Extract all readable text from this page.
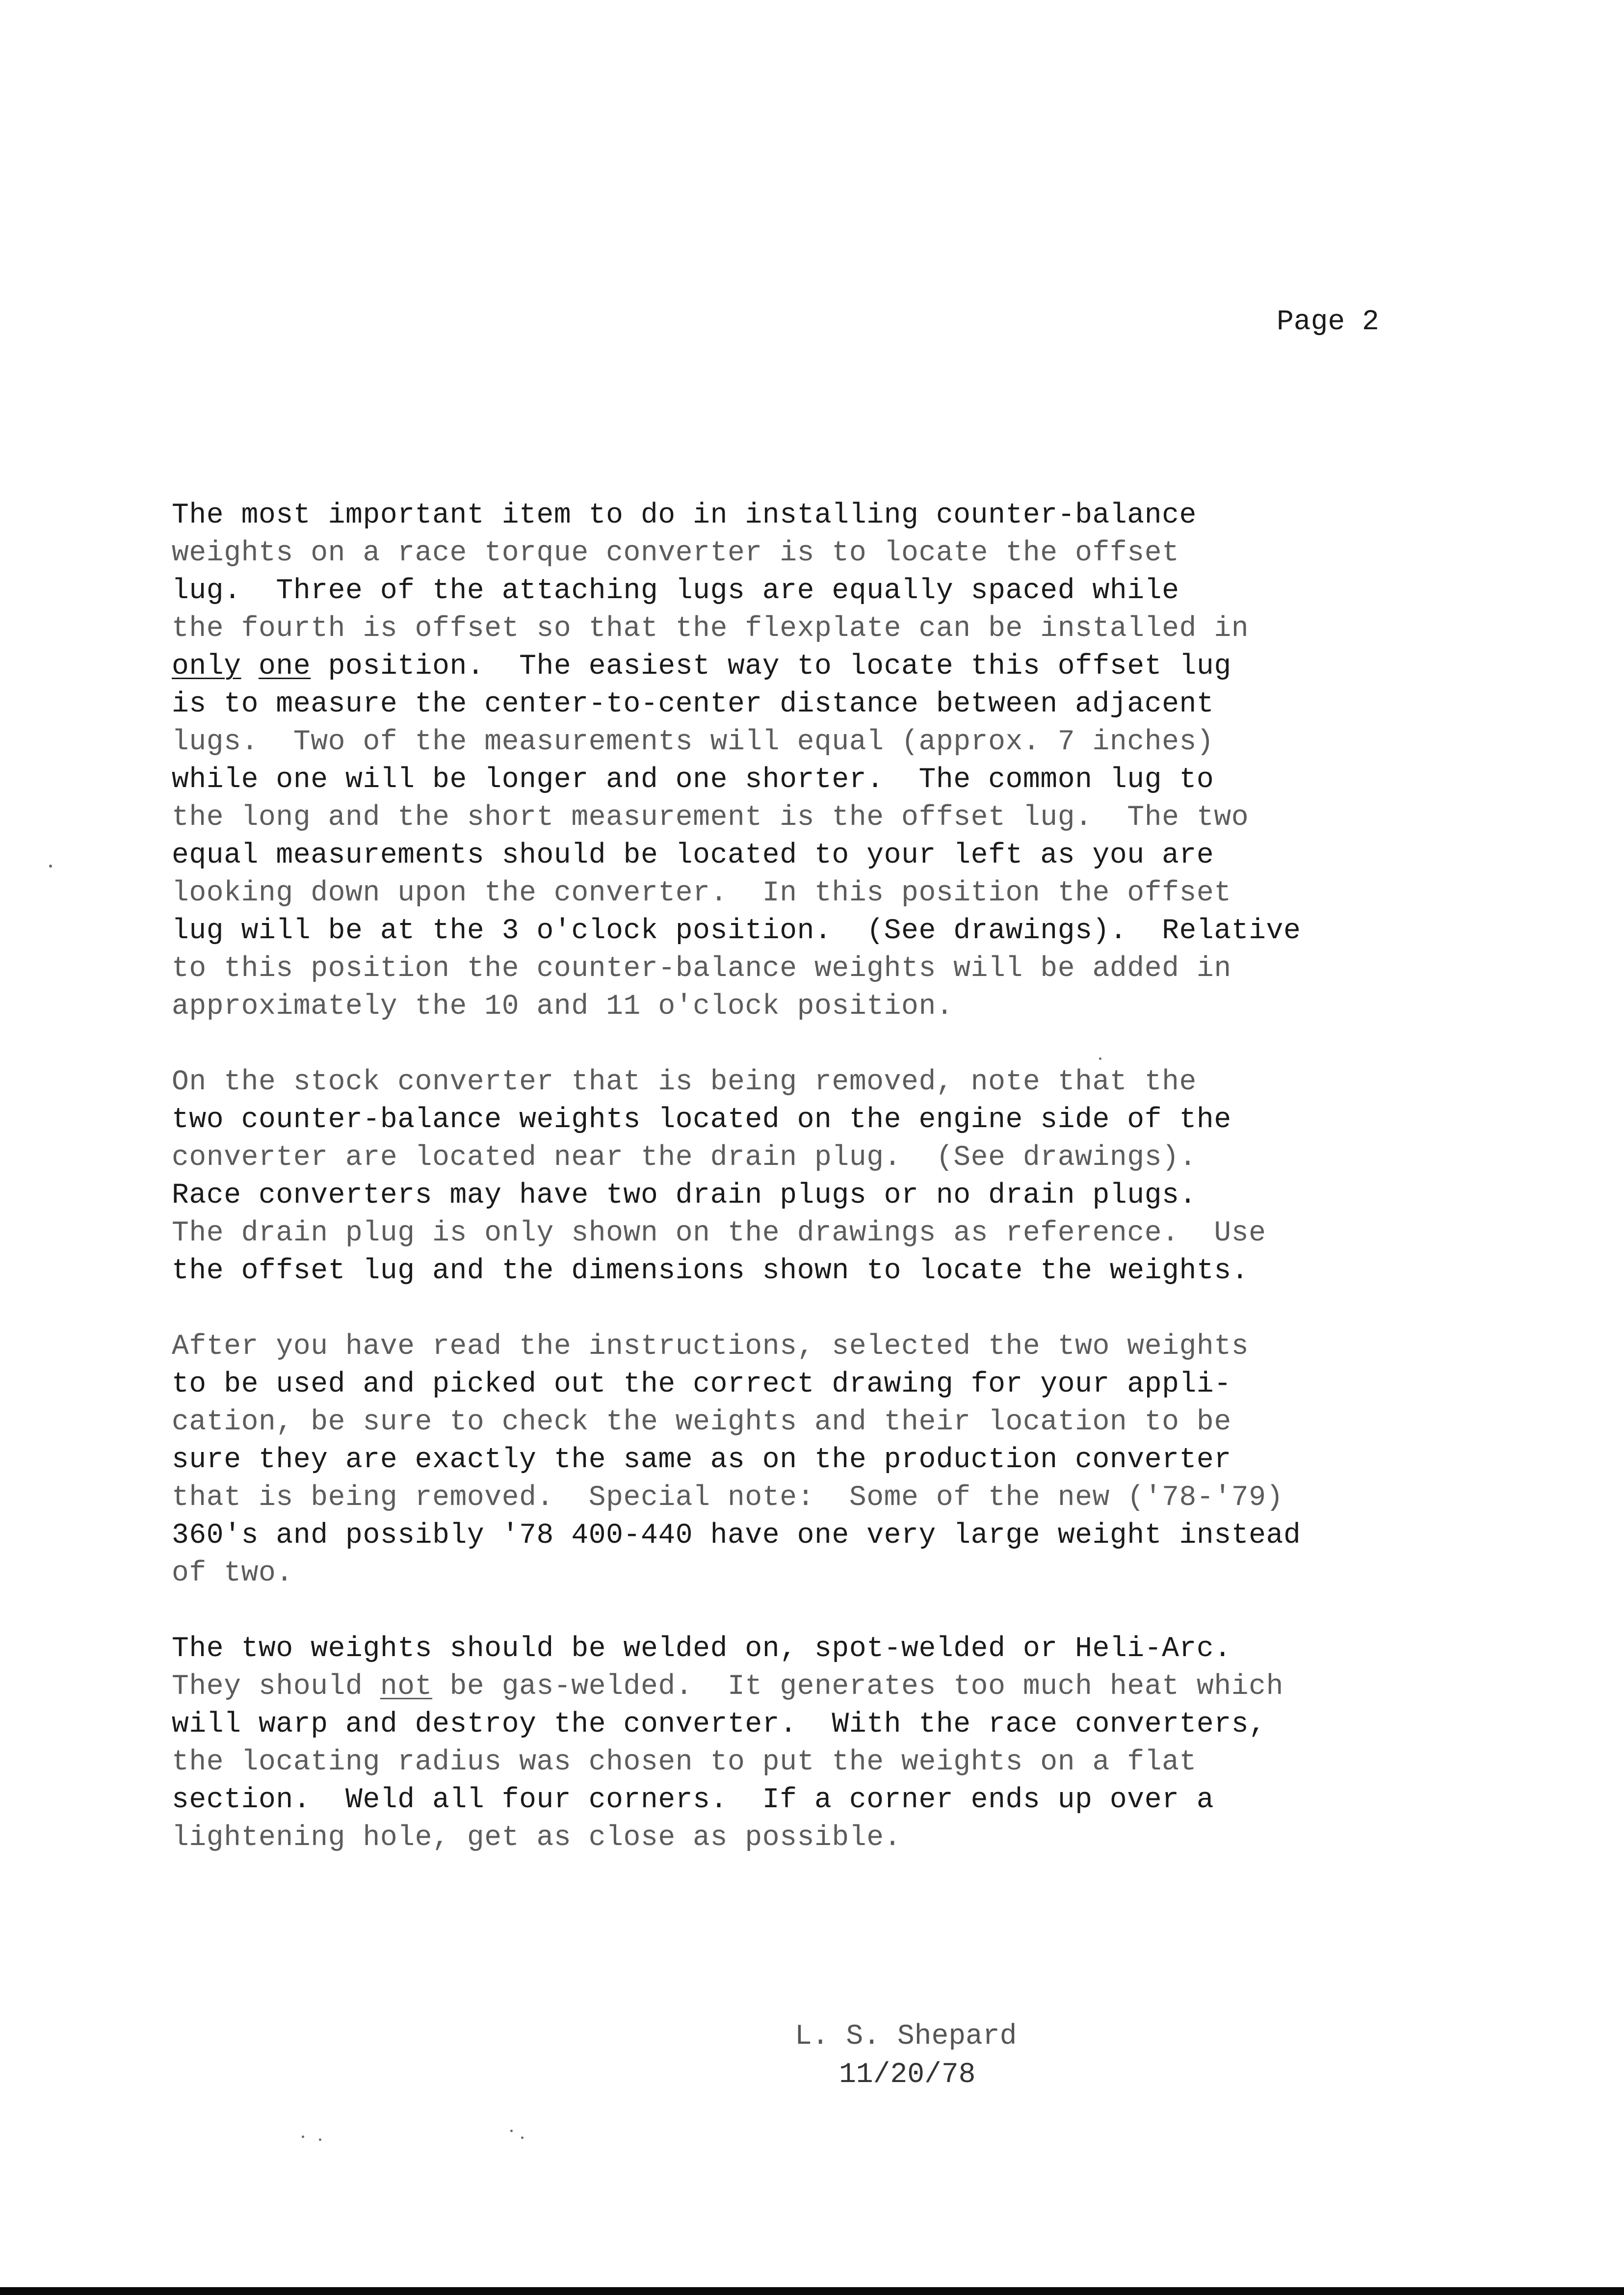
Page 2
The most important item to do in installing counter-balance
weights on a race torque converter is to locate the offset
lug.  Three of the attaching lugs are equally spaced while
the fourth is offset so that the flexplate can be installed in
only one position.  The easiest way to locate this offset lug
is to measure the center-to-center distance between adjacent
lugs.  Two of the measurements will equal (approx. 7 inches)
while one will be longer and one shorter.  The common lug to
the long and the short measurement is the offset lug.  The two
equal measurements should be located to your left as you are
looking down upon the converter.  In this position the offset
lug will be at the 3 o'clock position.  (See drawings).  Relative
to this position the counter-balance weights will be added in
approximately the 10 and 11 o'clock position.
On the stock converter that is being removed, note that the
two counter-balance weights located on the engine side of the
converter are located near the drain plug.  (See drawings).
Race converters may have two drain plugs or no drain plugs.
The drain plug is only shown on the drawings as reference.  Use
the offset lug and the dimensions shown to locate the weights.
After you have read the instructions, selected the two weights
to be used and picked out the correct drawing for your appli-
cation, be sure to check the weights and their location to be
sure they are exactly the same as on the production converter
that is being removed.  Special note:  Some of the new ('78-'79)
360's and possibly '78 400-440 have one very large weight instead
of two.
The two weights should be welded on, spot-welded or Heli-Arc.
They should not be gas-welded.  It generates too much heat which
will warp and destroy the converter.  With the race converters,
the locating radius was chosen to put the weights on a flat
section.  Weld all four corners.  If a corner ends up over a
lightening hole, get as close as possible.
L. S. Shepard
11/20/78
